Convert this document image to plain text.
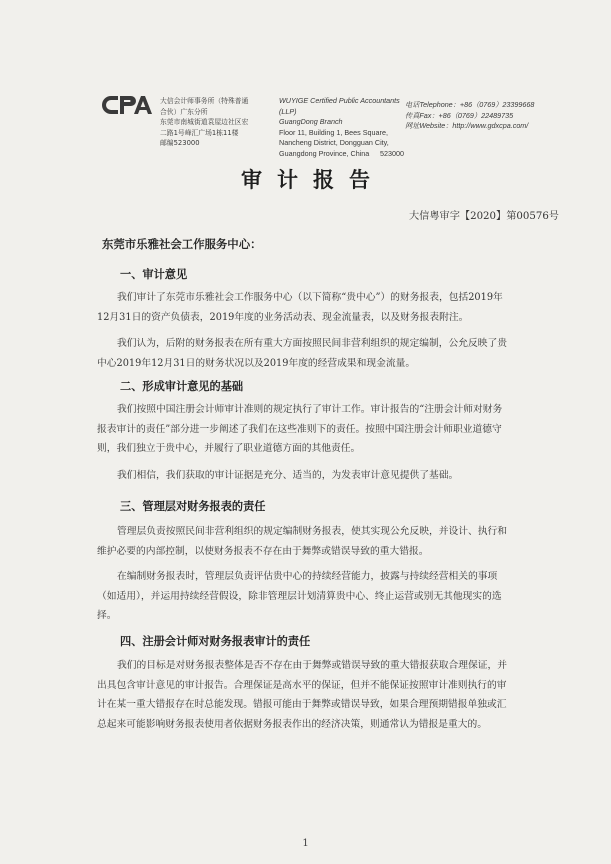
大信会计师事务所（特殊普通
合伙）广东分所
东莞市南城街道袁屋边社区宏
二路1号峰汇广场1栋11楼
邮编523000
WUYIGE Certified Public Accountants (LLP)
GuangDong Branch
Floor 11, Building 1, Bees Square,
Nancheng District, Dongguan City,
Guangdong Province, China 523000
电话Telephone：+86（0769）23399668
传真Fax：+86（0769）22489735
网址Website：http://www.gdxcpa.com/
审计报告
大信粤审字【2020】第00576号
东莞市乐雅社会工作服务中心：
一、审计意见

我们审计了东莞市乐雅社会工作服务中心（以下简称“贵中心”）的财务报表，包括2019年
12月31日的资产负债表，2019年度的业务活动表、现金流量表，以及财务报表附注。

我们认为，后附的财务报表在所有重大方面按照民间非营利组织的规定编制，公允反映了贵
中心2019年12月31日的财务状况以及2019年度的经营成果和现金流量。

二、形成审计意见的基础

我们按照中国注册会计师审计准则的规定执行了审计工作。审计报告的“注册会计师对财务
报表审计的责任”部分进一步阐述了我们在这些准则下的责任。按照中国注册会计师职业道德守
则，我们独立于贵中心，并履行了职业道德方面的其他责任。

我们相信，我们获取的审计证据是充分、适当的，为发表审计意见提供了基础。

三、管理层对财务报表的责任

管理层负责按照民间非营利组织的规定编制财务报表，使其实现公允反映，并设计、执行和
维护必要的内部控制，以使财务报表不存在由于舞弊或错误导致的重大错报。

在编制财务报表时，管理层负责评估贵中心的持续经营能力，披露与持续经营相关的事项
（如适用），并运用持续经营假设，除非管理层计划清算贵中心、终止运营或别无其他现实的选
择。

四、注册会计师对财务报表审计的责任

我们的目标是对财务报表整体是否不存在由于舞弊或错误导致的重大错报获取合理保证，并
出具包含审计意见的审计报告。合理保证是高水平的保证，但并不能保证按照审计准则执行的审
计在某一重大错报存在时总能发现。错报可能由于舞弊或错误导致，如果合理预期错报单独或汇
总起来可能影响财务报表使用者依据财务报表作出的经济决策，则通常认为错报是重大的。

1
